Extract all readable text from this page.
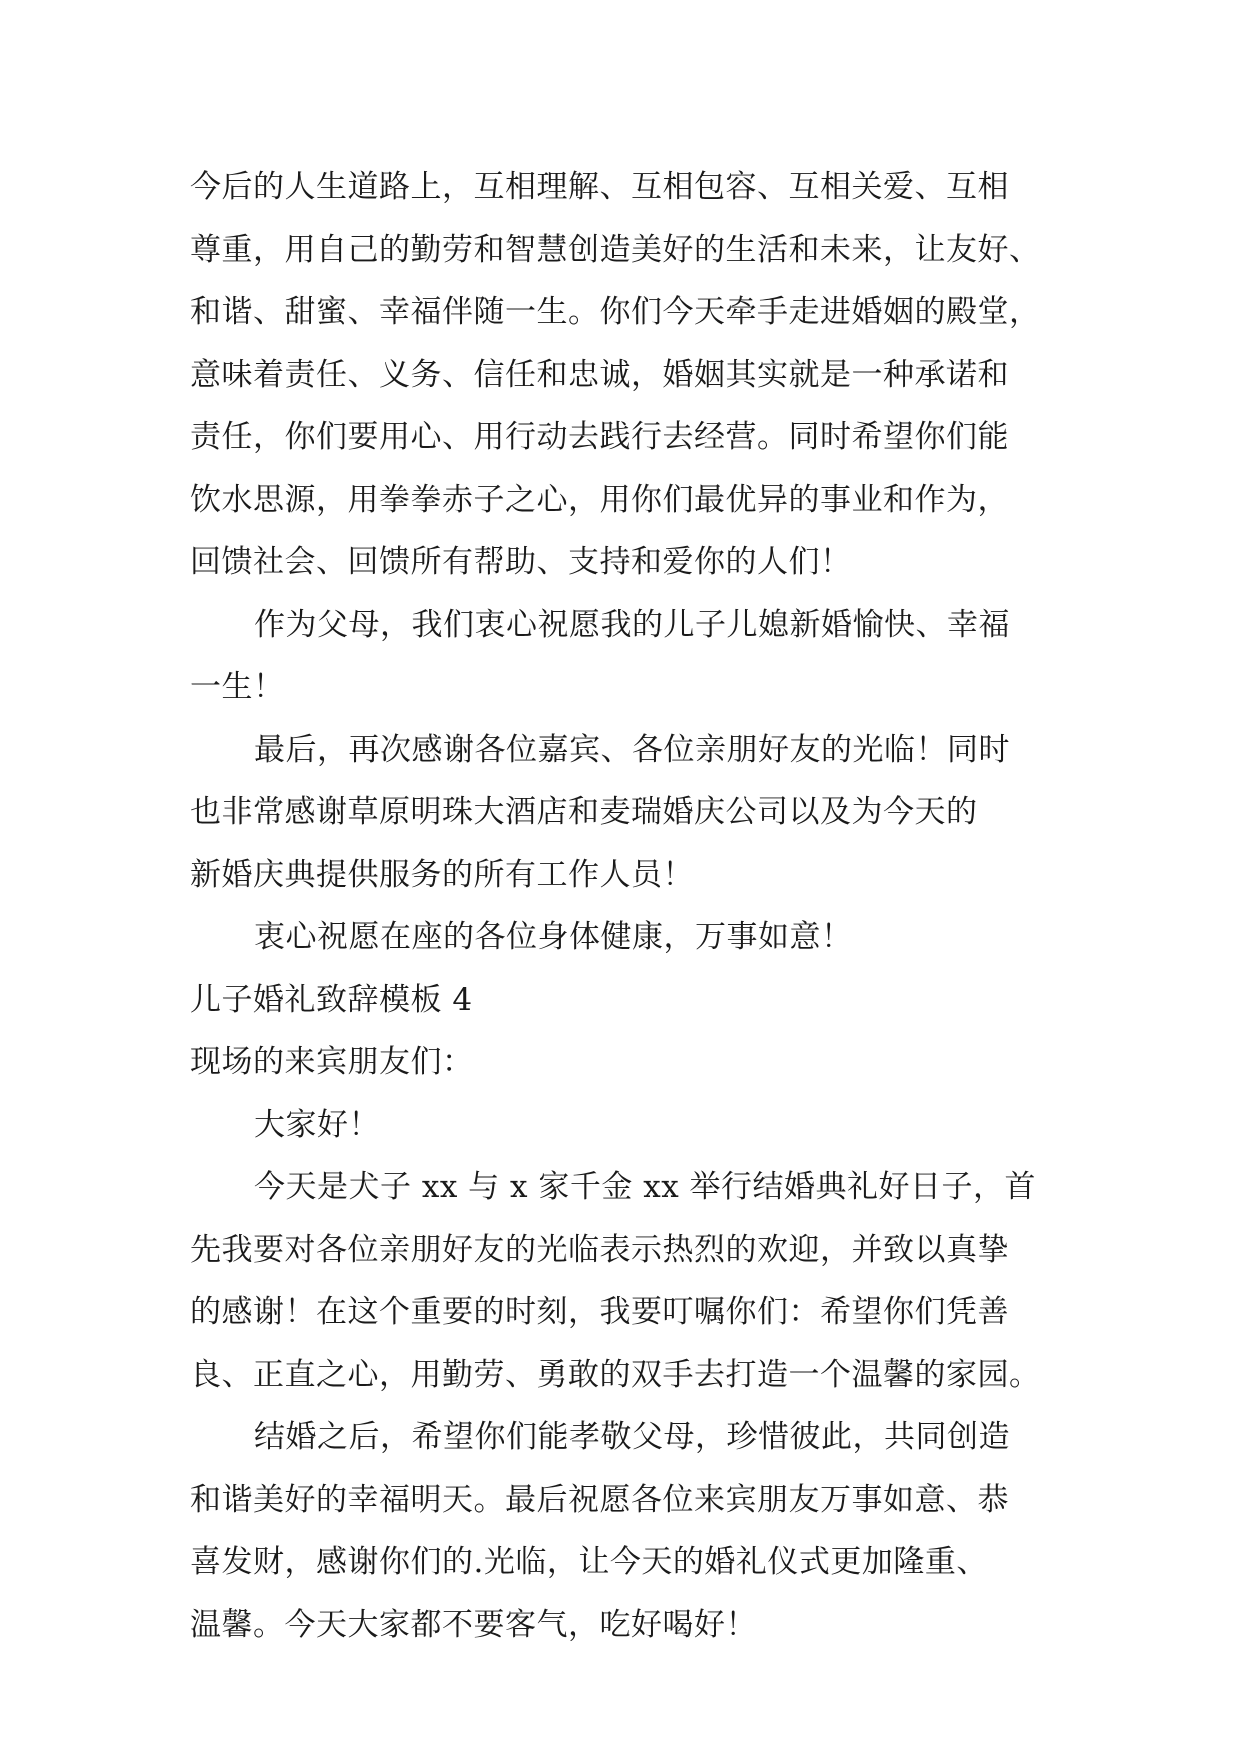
今后的人生道路上，互相理解、互相包容、互相关爱、互相
尊重，用自己的勤劳和智慧创造美好的生活和未来，让友好、
和谐、甜蜜、幸福伴随一生。你们今天牵手走进婚姻的殿堂，
意味着责任、义务、信任和忠诚，婚姻其实就是一种承诺和
责任，你们要用心、用行动去践行去经营。同时希望你们能
饮水思源，用拳拳赤子之心，用你们最优异的事业和作为，
回馈社会、回馈所有帮助、支持和爱你的人们！
作为父母，我们衷心祝愿我的儿子儿媳新婚愉快、幸福
一生！
最后，再次感谢各位嘉宾、各位亲朋好友的光临！同时
也非常感谢草原明珠大酒店和麦瑞婚庆公司以及为今天的
新婚庆典提供服务的所有工作人员！
衷心祝愿在座的各位身体健康，万事如意！
儿子婚礼致辞模板 4
现场的来宾朋友们：
大家好！
今天是犬子 xx 与 x 家千金 xx 举行结婚典礼好日子，首
先我要对各位亲朋好友的光临表示热烈的欢迎，并致以真挚
的感谢！在这个重要的时刻，我要叮嘱你们：希望你们凭善
良、正直之心，用勤劳、勇敢的双手去打造一个温馨的家园。
结婚之后，希望你们能孝敬父母，珍惜彼此，共同创造
和谐美好的幸福明天。最后祝愿各位来宾朋友万事如意、恭
喜发财，感谢你们的.光临，让今天的婚礼仪式更加隆重、
温馨。今天大家都不要客气，吃好喝好！
